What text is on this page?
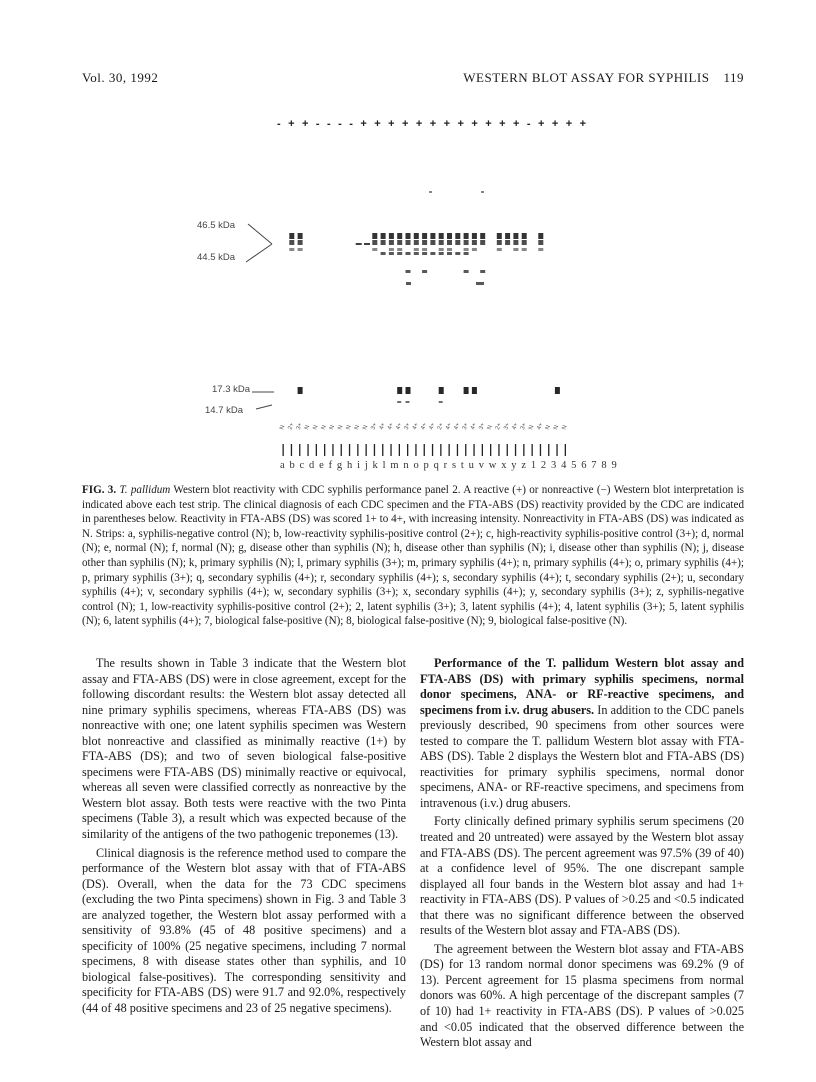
Vol. 30, 1992	WESTERN BLOT ASSAY FOR SYPHILIS 119
- + + - - - - + + + + + + + + + + + + - + + + +
46.5 kDa
44.5 kDa
17.3 kDa
14.7 kDa
N 2+ 3+ N N N N N N N N 3+ 4+ 4+ 4+ 3+ 4+ 4+ 4+ 2+ 4+ 4+ 3+ 4+ 3+ N 2+ 3+ 4+ 3+ N 4+ N N N
a b c d e f g h i j k l m n o p q r s t u v w x y z 1 2 3 4 5 6 7 8 9
FIG. 3. T. pallidum Western blot reactivity with CDC syphilis performance panel 2. A reactive (+) or nonreactive (−) Western blot interpretation is indicated above each test strip. The clinical diagnosis of each CDC specimen and the FTA-ABS (DS) reactivity provided by the CDC are indicated in parentheses below. Reactivity in FTA-ABS (DS) was scored 1+ to 4+, with increasing intensity. Nonreactivity in FTA-ABS (DS) was indicated as N. Strips: a, syphilis-negative control (N); b, low-reactivity syphilis-positive control (2+); c, high-reactivity syphilis-positive control (3+); d, normal (N); e, normal (N); f, normal (N); g, disease other than syphilis (N); h, disease other than syphilis (N); i, disease other than syphilis (N); j, disease other than syphilis (N); k, primary syphilis (N); l, primary syphilis (3+); m, primary syphilis (4+); n, primary syphilis (4+); o, primary syphilis (4+); p, primary syphilis (3+); q, secondary syphilis (4+); r, secondary syphilis (4+); s, secondary syphilis (4+); t, secondary syphilis (2+); u, secondary syphilis (4+); v, secondary syphilis (4+); w, secondary syphilis (3+); x, secondary syphilis (4+); y, secondary syphilis (3+); z, syphilis-negative control (N); 1, low-reactivity syphilis-positive control (2+); 2, latent syphilis (3+); 3, latent syphilis (4+); 4, latent syphilis (3+); 5, latent syphilis (N); 6, latent syphilis (4+); 7, biological false-positive (N); 8, biological false-positive (N); 9, biological false-positive (N).

The results shown in Table 3 indicate that the Western blot assay and FTA-ABS (DS) were in close agreement, except for the following discordant results: the Western blot assay detected all nine primary syphilis specimens, whereas FTA-ABS (DS) was nonreactive with one; one latent syphilis specimen was Western blot nonreactive and classified as minimally reactive (1+) by FTA-ABS (DS); and two of seven biological false-positive specimens were FTA-ABS (DS) minimally reactive or equivocal, whereas all seven were classified correctly as nonreactive by the Western blot assay. Both tests were reactive with the two Pinta specimens (Table 3), a result which was expected because of the similarity of the antigens of the two pathogenic treponemes (13).

Clinical diagnosis is the reference method used to compare the performance of the Western blot assay with that of FTA-ABS (DS). Overall, when the data for the 73 CDC specimens (excluding the two Pinta specimens) shown in Fig. 3 and Table 3 are analyzed together, the Western blot assay performed with a sensitivity of 93.8% (45 of 48 positive specimens) and a specificity of 100% (25 negative specimens, including 7 normal specimens, 8 with disease states other than syphilis, and 10 biological false-positives). The corresponding sensitivity and specificity for FTA-ABS (DS) were 91.7 and 92.0%, respectively (44 of 48 positive specimens and 23 of 25 negative specimens).

Performance of the T. pallidum Western blot assay and FTA-ABS (DS) with primary syphilis specimens, normal donor specimens, ANA- or RF-reactive specimens, and specimens from i.v. drug abusers. In addition to the CDC panels previously described, 90 specimens from other sources were tested to compare the T. pallidum Western blot assay with FTA-ABS (DS). Table 2 displays the Western blot and FTA-ABS (DS) reactivities for primary syphilis specimens, normal donor specimens, ANA- or RF-reactive specimens, and specimens from intravenous (i.v.) drug abusers.

Forty clinically defined primary syphilis serum specimens (20 treated and 20 untreated) were assayed by the Western blot assay and FTA-ABS (DS). The percent agreement was 97.5% (39 of 40) at a confidence level of 95%. The one discrepant sample displayed all four bands in the Western blot assay and had 1+ reactivity in FTA-ABS (DS). P values of >0.25 and <0.5 indicated that there was no significant difference between the observed results of the Western blot assay and FTA-ABS (DS).

The agreement between the Western blot assay and FTA-ABS (DS) for 13 random normal donor specimens was 69.2% (9 of 13). Percent agreement for 15 plasma specimens from normal donors was 60%. A high percentage of the discrepant samples (7 of 10) had 1+ reactivity in FTA-ABS (DS). P values of >0.025 and <0.05 indicated that the observed difference between the Western blot assay and
